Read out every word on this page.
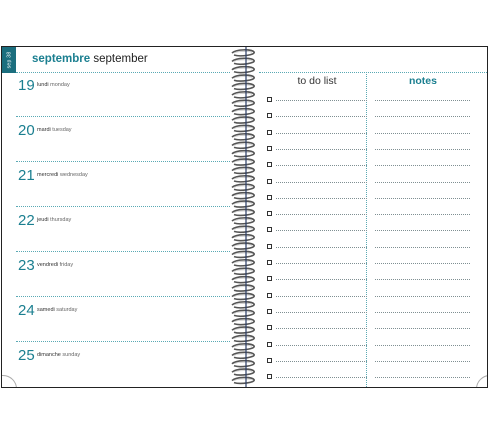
sep 38 septembre september
19 lundi monday
20 mardi tuesday
21 mercredi wednesday
22 jeudi thursday
23 vendredi friday
24 samedi saturday
25 dimanche sunday
to do list	notes
